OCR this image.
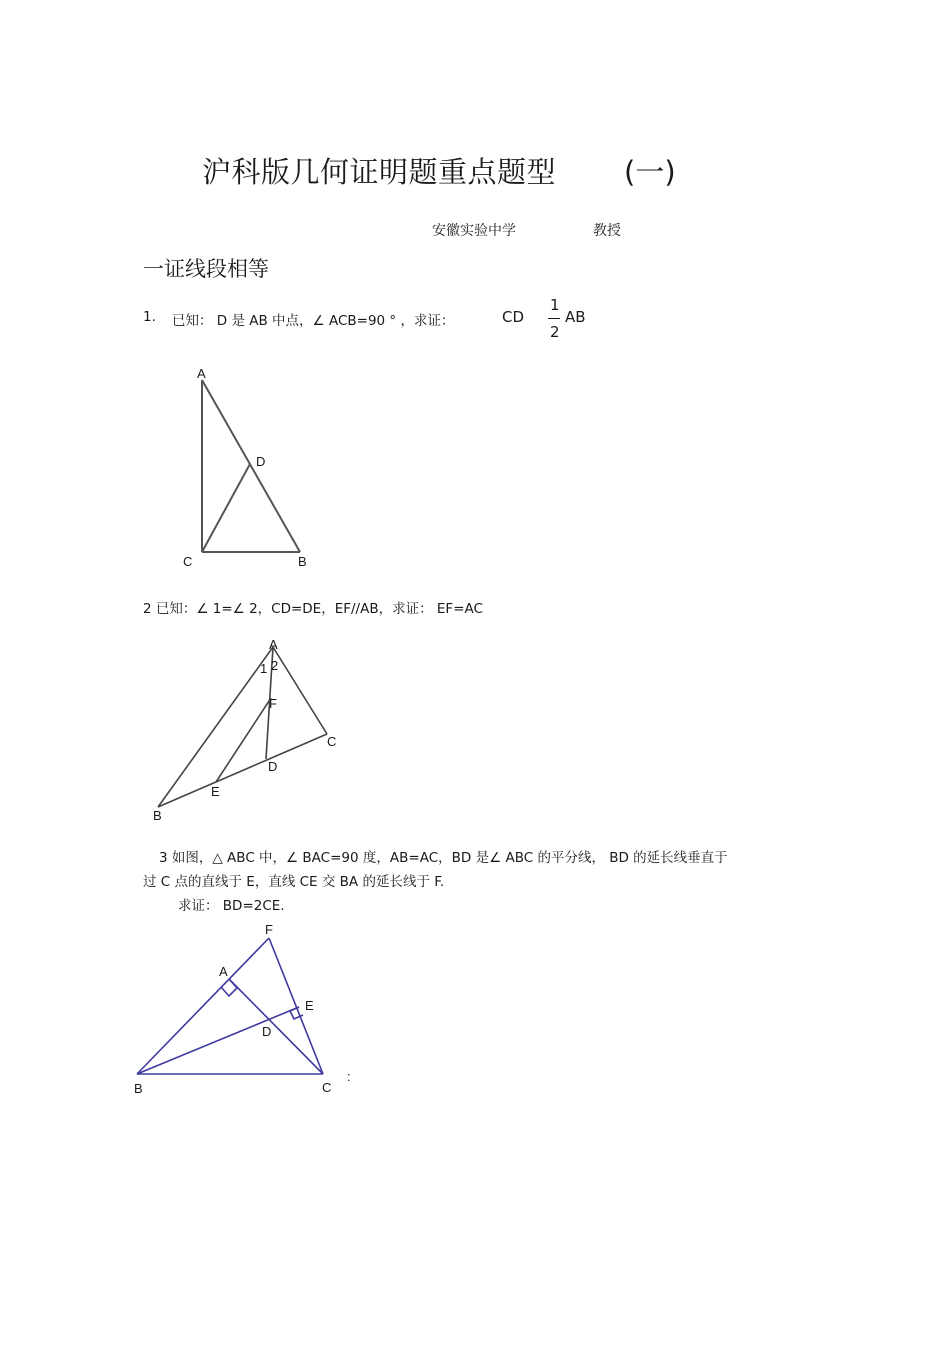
沪科版几何证明题重点题型 (一)
安徽实验中学	教授
一证线段相等
1. 已知： D 是 AB 中点，∠ ACB=90 ° ，求证：	CD
1
2
AB
A
D
C	B
2 已知：∠ 1=∠ 2，CD=DE，EF//AB，求证： EF=AC
A
1 2
F
C
D
E
B
3 如图，△ ABC 中，∠ BAC=90 度，AB=AC，BD 是∠ ABC 的平分线， BD 的延长线垂直于
过 C 点的直线于 E，直线 CE 交 BA 的延长线于 F.
求证： BD=2CE.
F
A
E
D
B	C
:
